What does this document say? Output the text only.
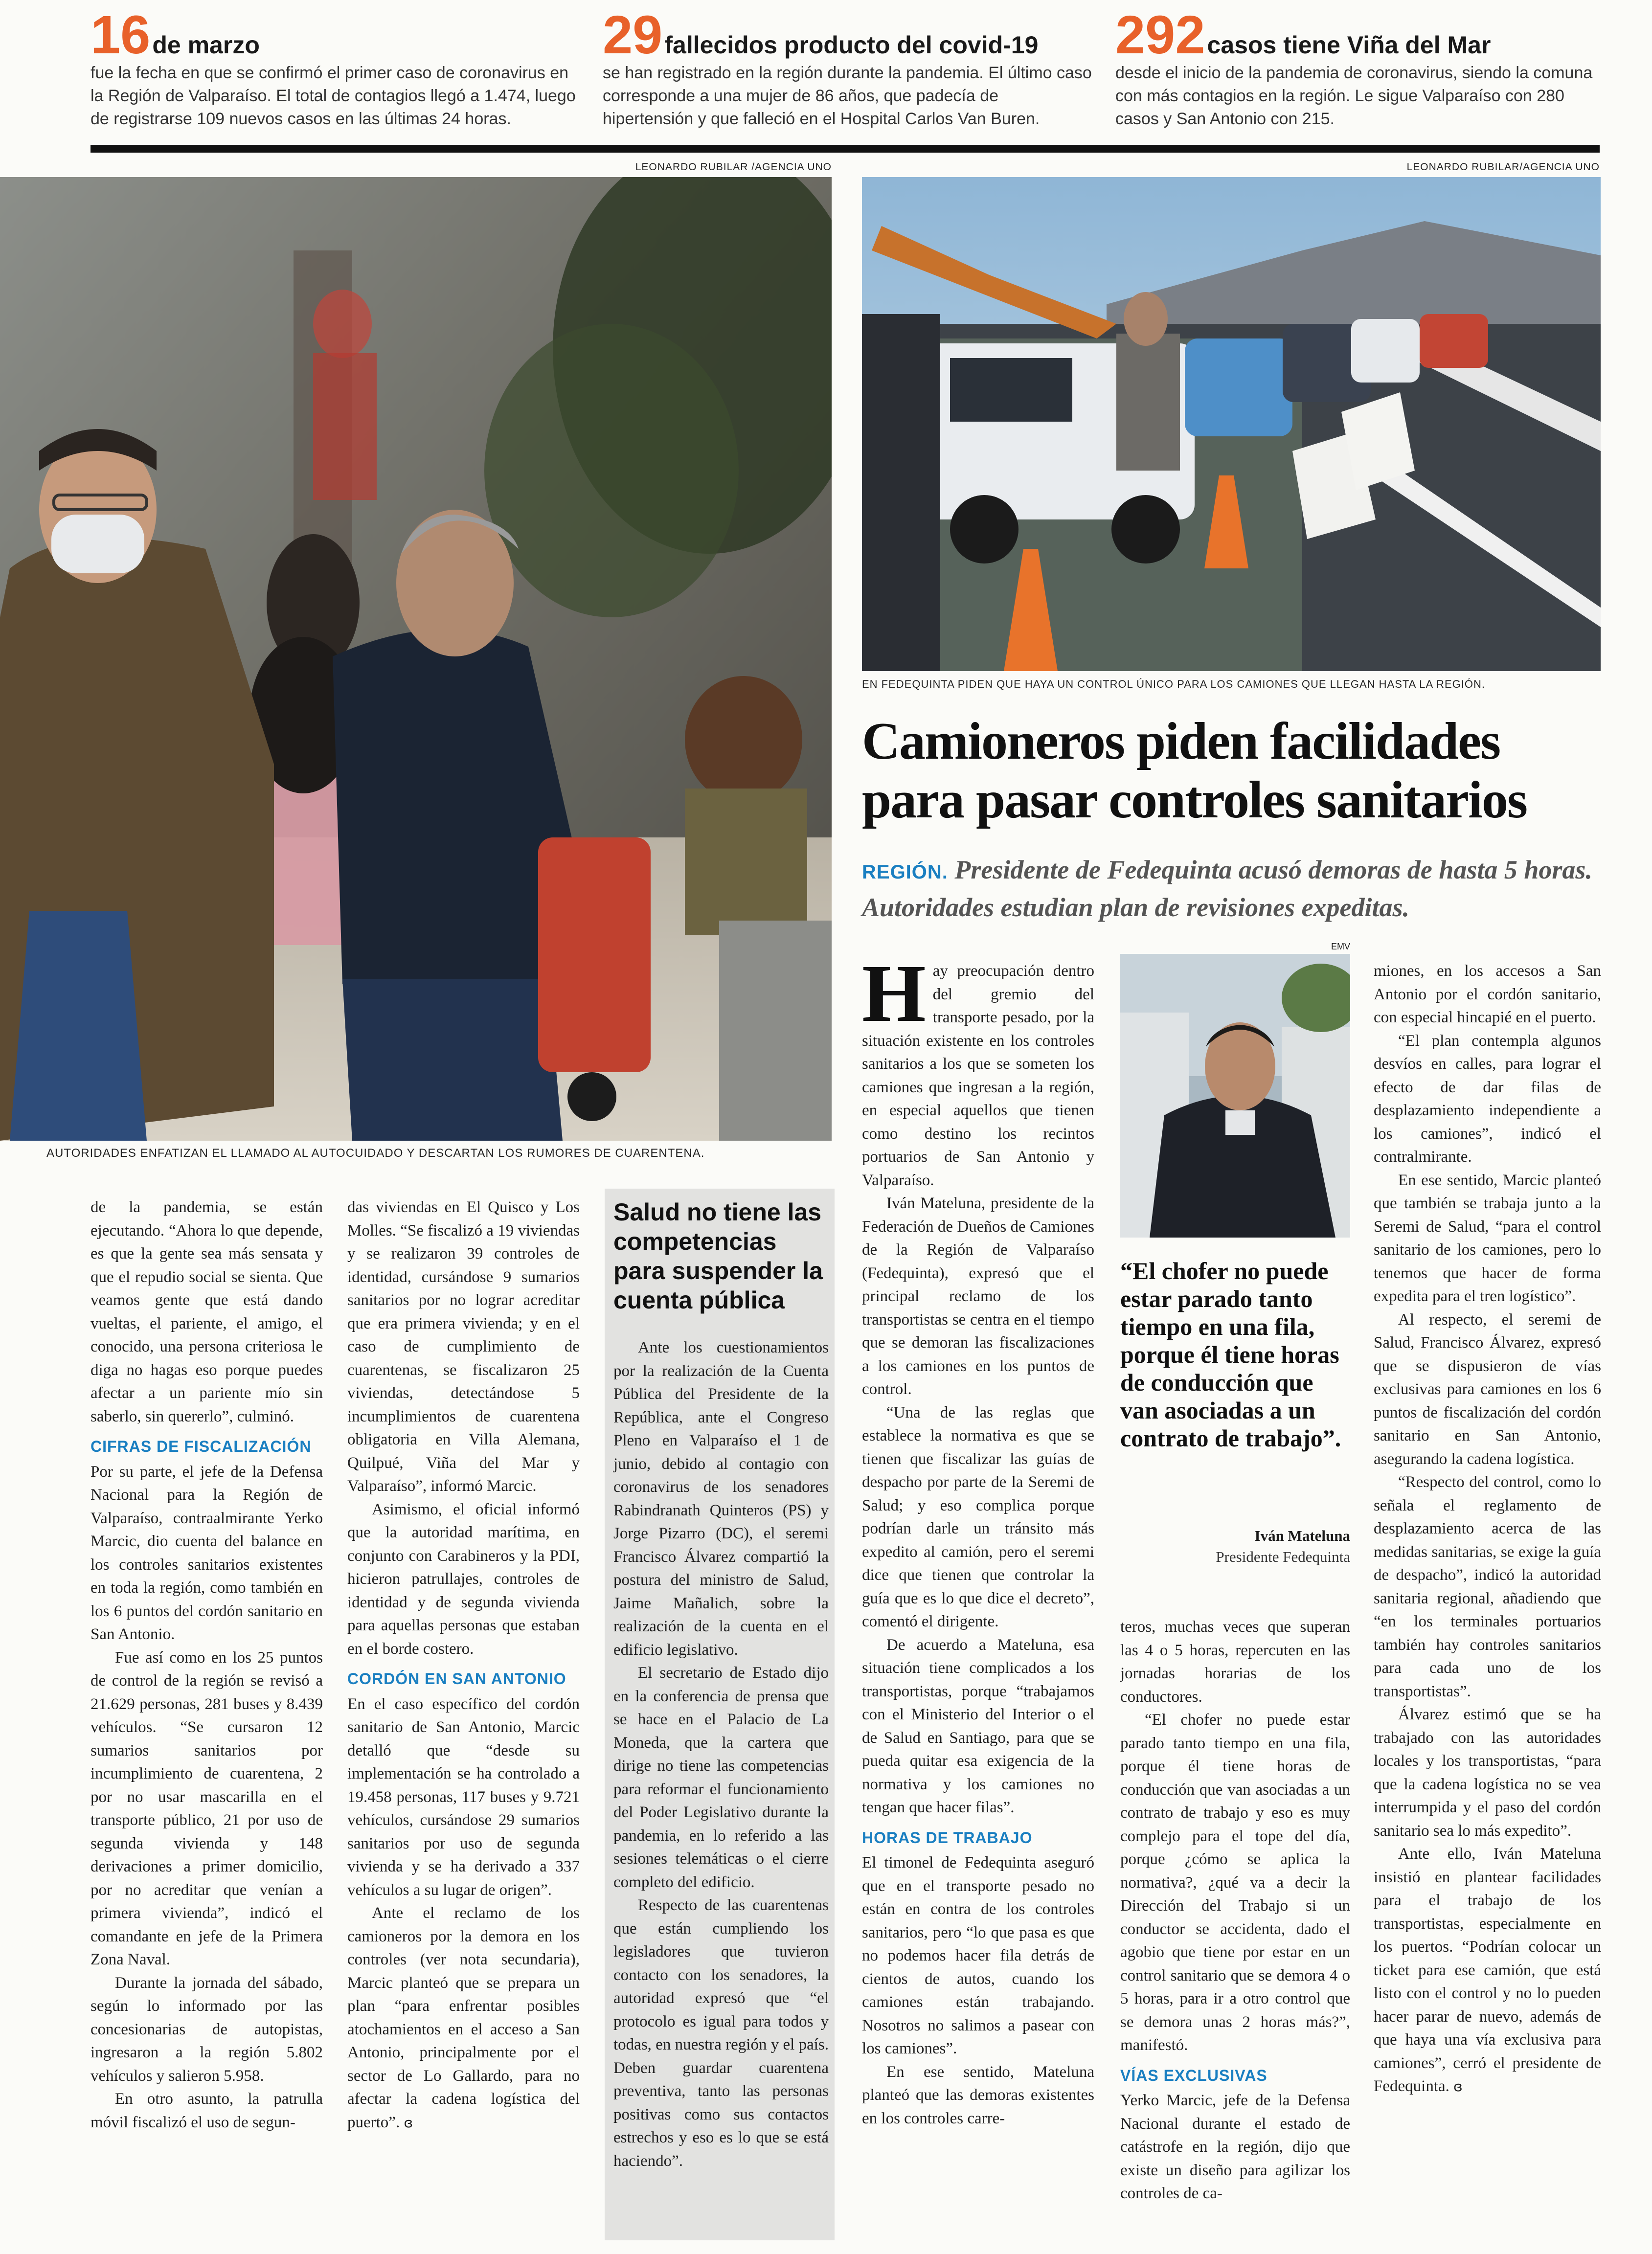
16 de marzo
fue la fecha en que se confirmó el primer caso de coronavirus en la Región de Valparaíso. El total de contagios llegó a 1.474, luego de registrarse 109 nuevos casos en las últimas 24 horas.
29 fallecidos producto del covid-19
se han registrado en la región durante la pandemia. El último caso corresponde a una mujer de 86 años, que padecía de hipertensión y que falleció en el Hospital Carlos Van Buren.
292 casos tiene Viña del Mar
desde el inicio de la pandemia de coronavirus, siendo la comuna con más contagios en la región. Le sigue Valparaíso con 280 casos y San Antonio con 215.
LEONARDO RUBILAR /AGENCIA UNO
AUTORIDADES ENFATIZAN EL LLAMADO AL AUTOCUIDADO Y DESCARTAN LOS RUMORES DE CUARENTENA.
LEONARDO RUBILAR/AGENCIA UNO
EN FEDEQUINTA PIDEN QUE HAYA UN CONTROL ÚNICO PARA LOS CAMIONES QUE LLEGAN HASTA LA REGIÓN.
Camioneros piden facilidades para pasar controles sanitarios
REGIÓN. Presidente de Fedequinta acusó demoras de hasta 5 horas. Autoridades estudian plan de revisiones expeditas.

Hay preocupación dentro del gremio del transporte pesado, por la situación existente en los controles sanitarios a los que se someten los camiones que ingresan a la región, en especial aquellos que tienen como destino los recintos portuarios de San Antonio y Valparaíso.

Iván Mateluna, presidente de la Federación de Dueños de Camiones de la Región de Valparaíso (Fedequinta), expresó que el principal reclamo de los transportistas se centra en el tiempo que se demoran las fiscalizaciones a los camiones en los puntos de control.

“Una de las reglas que establece la normativa es que se tienen que fiscalizar las guías de despacho por parte de la Seremi de Salud; y eso complica porque podrían darle un tránsito más expedito al camión, pero el seremi dice que tienen que controlar la guía que es lo que dice el decreto”, comentó el dirigente.

De acuerdo a Mateluna, esa situación tiene complicados a los transportistas, porque “trabajamos con el Ministerio del Interior o el de Salud en Santiago, para que se pueda quitar esa exigencia de la normativa y los camiones no tengan que hacer filas”.

HORAS DE TRABAJO

El timonel de Fedequinta aseguró que en el transporte pesado no están en contra de los controles sanitarios, pero “lo que pasa es que no podemos hacer fila detrás de cientos de autos, cuando los camiones están trabajando. Nosotros no salimos a pasear con los camiones”.

En ese sentido, Mateluna planteó que las demoras existentes en los controles carre-

EMV
“El chofer no puede estar parado tanto tiempo en una fila, porque él tiene horas de conducción que van asociadas a un contrato de trabajo”.
Iván Mateluna
Presidente Fedequinta

teros, muchas veces que superan las 4 o 5 horas, repercuten en las jornadas horarias de los conductores.

“El chofer no puede estar parado tanto tiempo en una fila, porque él tiene horas de conducción que van asociadas a un contrato de trabajo y eso es muy complejo para el tope del día, porque ¿cómo se aplica la normativa?, ¿qué va a decir la Dirección del Trabajo si un conductor se accidenta, dado el agobio que tiene por estar en un control sanitario que se demora 4 o 5 horas, para ir a otro control que se demora unas 2 horas más?”, manifestó.

VÍAS EXCLUSIVAS

Yerko Marcic, jefe de la Defensa Nacional durante el estado de catástrofe en la región, dijo que existe un diseño para agilizar los controles de ca-

miones, en los accesos a San Antonio por el cordón sanitario, con especial hincapié en el puerto.

“El plan contempla algunos desvíos en calles, para lograr el efecto de dar filas de desplazamiento independiente a los camiones”, indicó el contralmirante.

En ese sentido, Marcic planteó que también se trabaja junto a la Seremi de Salud, “para el control sanitario de los camiones, pero lo tenemos que hacer de forma expedita para el tren logístico”.

Al respecto, el seremi de Salud, Francisco Álvarez, expresó que se dispusieron de vías exclusivas para camiones en los 6 puntos de fiscalización del cordón sanitario en San Antonio, asegurando la cadena logística.

“Respecto del control, como lo señala el reglamento de desplazamiento acerca de las medidas sanitarias, se exige la guía de despacho”, indicó la autoridad sanitaria regional, añadiendo que “en los terminales portuarios también hay controles sanitarios para cada uno de los transportistas”.

Álvarez estimó que se ha trabajado con las autoridades locales y los transportistas, “para que la cadena logística no se vea interrumpida y el paso del cordón sanitario sea lo más expedito”.

Ante ello, Iván Mateluna insistió en plantear facilidades para el trabajo de los transportistas, especialmente en los puertos. “Podrían colocar un ticket para ese camión, que está listo con el control y no lo pueden hacer parar de nuevo, además de que haya una vía exclusiva para camiones”, cerró el presidente de Fedequinta. ɞ

de la pandemia, se están ejecutando. “Ahora lo que depende, es que la gente sea más sensata y que el repudio social se sienta. Que veamos gente que está dando vueltas, el pariente, el amigo, el conocido, una persona criteriosa le diga no hagas eso porque puedes afectar a un pariente mío sin saberlo, sin quererlo”, culminó.

CIFRAS DE FISCALIZACIÓN

Por su parte, el jefe de la Defensa Nacional para la Región de Valparaíso, contraalmirante Yerko Marcic, dio cuenta del balance en los controles sanitarios existentes en toda la región, como también en los 6 puntos del cordón sanitario en San Antonio.

Fue así como en los 25 puntos de control de la región se revisó a 21.629 personas, 281 buses y 8.439 vehículos. “Se cursaron 12 sumarios sanitarios por incumplimiento de cuarentena, 2 por no usar mascarilla en el transporte público, 21 por uso de segunda vivienda y 148 derivaciones a primer domicilio, por no acreditar que venían a primera vivienda”, indicó el comandante en jefe de la Primera Zona Naval.

Durante la jornada del sábado, según lo informado por las concesionarias de autopistas, ingresaron a la región 5.802 vehículos y salieron 5.958.

En otro asunto, la patrulla móvil fiscalizó el uso de segun-

das viviendas en El Quisco y Los Molles. “Se fiscalizó a 19 viviendas y se realizaron 39 controles de identidad, cursándose 9 sumarios sanitarios por no lograr acreditar que era primera vivienda; y en el caso de cumplimiento de cuarentenas, se fiscalizaron 25 viviendas, detectándose 5 incumplimientos de cuarentena obligatoria en Villa Alemana, Quilpué, Viña del Mar y Valparaíso”, informó Marcic.

Asimismo, el oficial informó que la autoridad marítima, en conjunto con Carabineros y la PDI, hicieron patrullajes, controles de identidad y de segunda vivienda para aquellas personas que estaban en el borde costero.

CORDÓN EN SAN ANTONIO

En el caso específico del cordón sanitario de San Antonio, Marcic detalló que “desde su implementación se ha controlado a 19.458 personas, 117 buses y 9.721 vehículos, cursándose 29 sumarios sanitarios por uso de segunda vivienda y se ha derivado a 337 vehículos a su lugar de origen”.

Ante el reclamo de los camioneros por la demora en los controles (ver nota secundaria), Marcic planteó que se prepara un plan “para enfrentar posibles atochamientos en el acceso a San Antonio, principalmente por el sector de Lo Gallardo, para no afectar la cadena logística del puerto”. ɞ

Salud no tiene las competencias para suspender la cuenta pública

Ante los cuestionamientos por la realización de la Cuenta Pública del Presidente de la República, ante el Congreso Pleno en Valparaíso el 1 de junio, debido al contagio con coronavirus de los senadores Rabindranath Quinteros (PS) y Jorge Pizarro (DC), el seremi Francisco Álvarez compartió la postura del ministro de Salud, Jaime Mañalich, sobre la realización de la cuenta en el edificio legislativo.

El secretario de Estado dijo en la conferencia de prensa que se hace en el Palacio de La Moneda, que la cartera que dirige no tiene las competencias para reformar el funcionamiento del Poder Legislativo durante la pandemia, en lo referido a las sesiones telemáticas o el cierre completo del edificio.

Respecto de las cuarentenas que están cumpliendo los legisladores que tuvieron contacto con los senadores, la autoridad expresó que “el protocolo es igual para todos y todas, en nuestra región y el país. Deben guardar cuarentena preventiva, tanto las personas positivas como sus contactos estrechos y eso es lo que se está haciendo”.
